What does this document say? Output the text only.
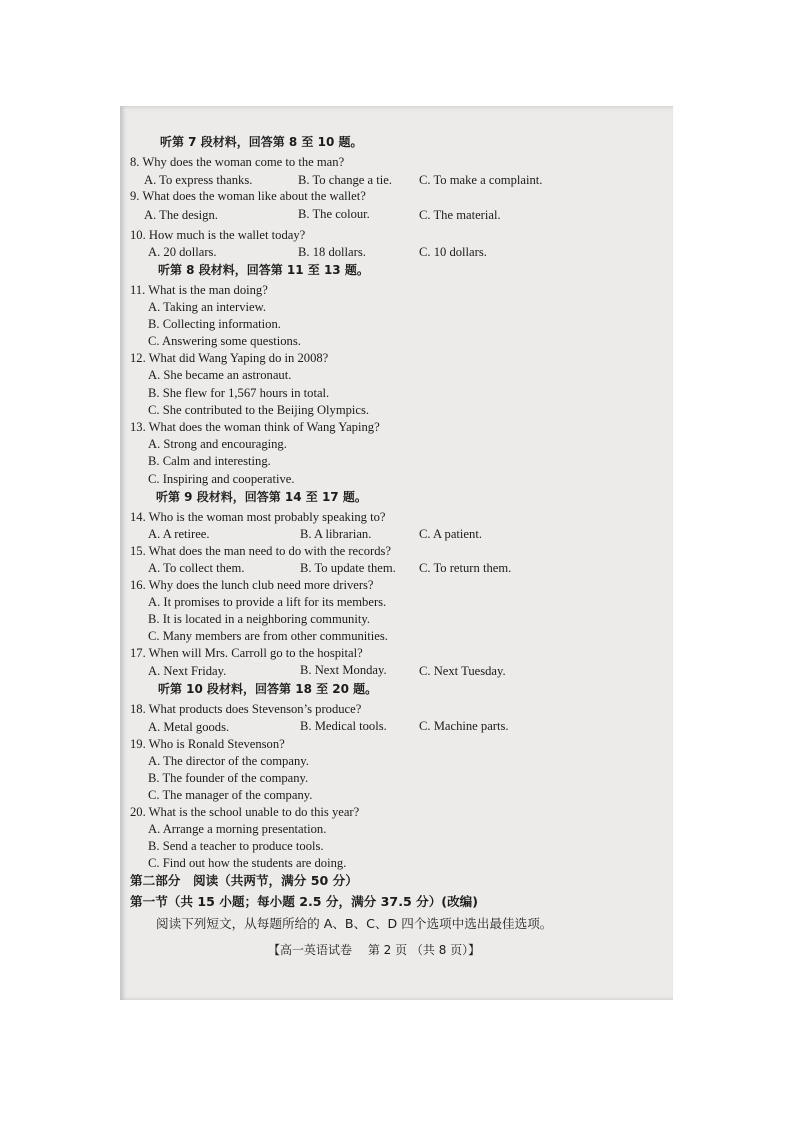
听第 7 段材料，回答第 8 至 10 题。
8. Why does the woman come to the man?
A. To express thanks.	B. To change a tie. C. To make a complaint.
9. What does the woman like about the wallet?
A. The design.	B. The colour.	C. The material.
10. How much is the wallet today?
A. 20 dollars.	B. 18 dollars.	C. 10 dollars.
听第 8 段材料，回答第 11 至 13 题。
11. What is the man doing?
A. Taking an interview.
B. Collecting information.
C. Answering some questions.
12. What did Wang Yaping do in 2008?
A. She became an astronaut.
B. She flew for 1,567 hours in total.
C. She contributed to the Beijing Olympics.
13. What does the woman think of Wang Yaping?
A. Strong and encouraging.
B. Calm and interesting.
C. Inspiring and cooperative.
听第 9 段材料，回答第 14 至 17 题。
14. Who is the woman most probably speaking to?
A. A retiree.	B. A librarian.	C. A patient.
15. What does the man need to do with the records?
A. To collect them.	B. To update them. C. To return them.
16. Why does the lunch club need more drivers?
A. It promises to provide a lift for its members.
B. It is located in a neighboring community.
C. Many members are from other communities.
17. When will Mrs. Carroll go to the hospital?
A. Next Friday.	B. Next Monday.	C. Next Tuesday.
听第 10 段材料，回答第 18 至 20 题。
18. What products does Stevenson’s produce?
A. Metal goods.	B. Medical tools.	C. Machine parts.
19. Who is Ronald Stevenson?
A. The director of the company.
B. The founder of the company.
C. The manager of the company.
20. What is the school unable to do this year?
A. Arrange a morning presentation.
B. Send a teacher to produce tools.
C. Find out how the students are doing.
第二部分　阅读（共两节，满分 50 分）
第一节（共 15 小题；每小题 2.5 分，满分 37.5 分）(改编)
阅读下列短文，从每题所给的 A、B、C、D 四个选项中选出最佳选项。
【高一英语试卷　 第 2 页 （共 8 页）】
